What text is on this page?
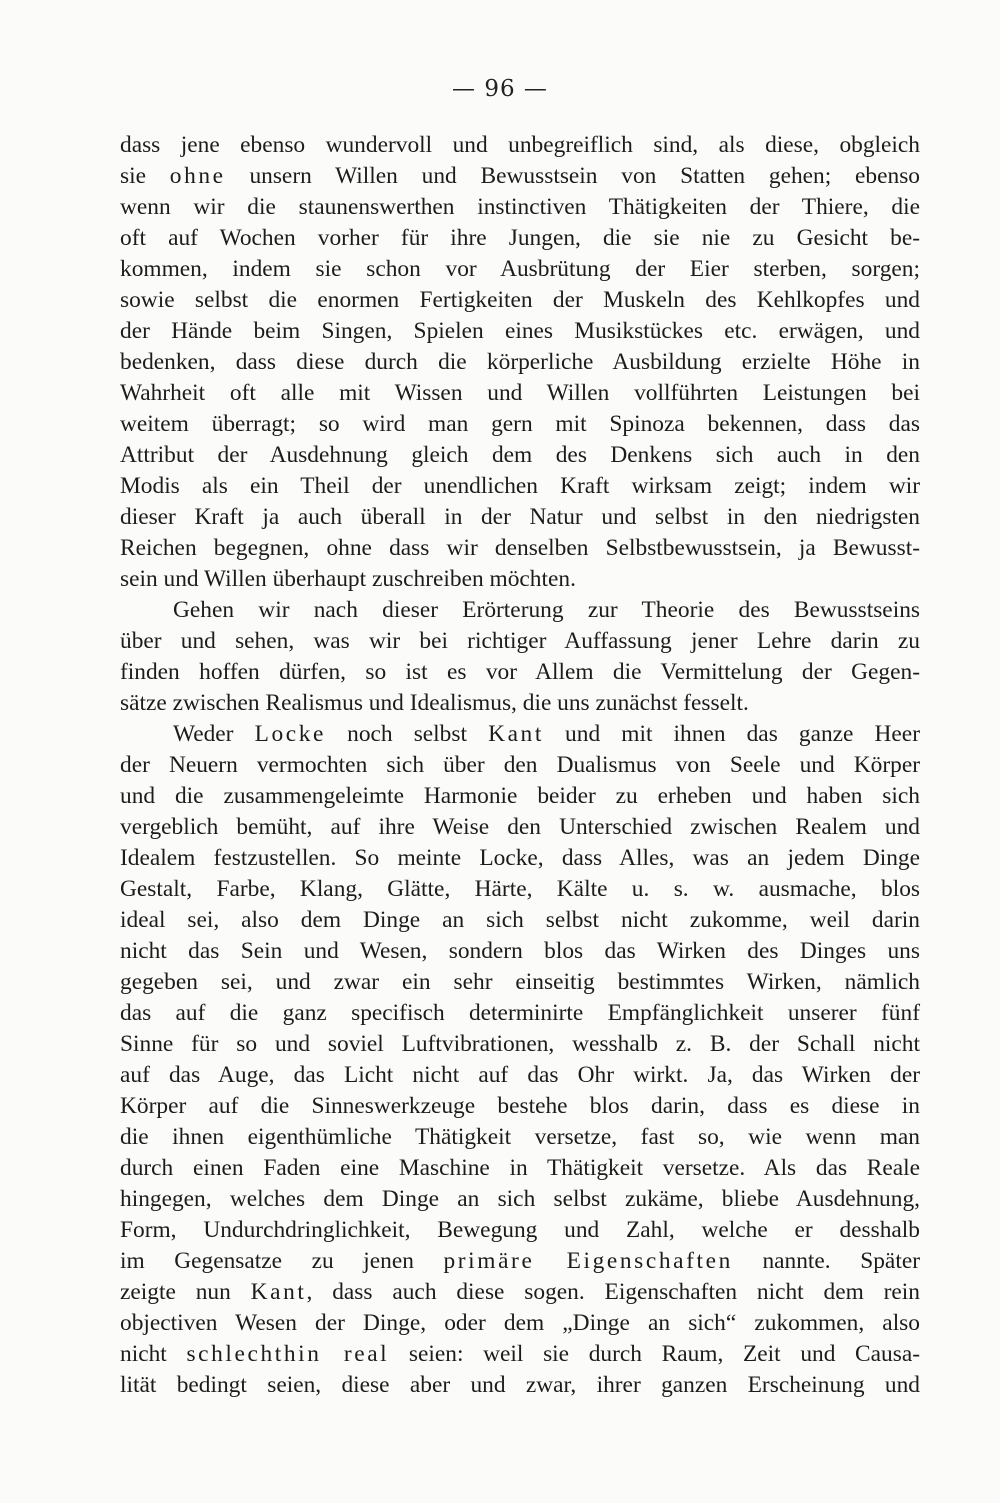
— 96 —
dass jene ebenso wundervoll und unbegreiflich sind, als diese, obgleich
sie ohne unsern Willen und Bewusstsein von Statten gehen; ebenso
wenn wir die staunenswerthen instinctiven Thätigkeiten der Thiere, die
oft auf Wochen vorher für ihre Jungen, die sie nie zu Gesicht be-
kommen, indem sie schon vor Ausbrütung der Eier sterben, sorgen;
sowie selbst die enormen Fertigkeiten der Muskeln des Kehlkopfes und
der Hände beim Singen, Spielen eines Musikstückes etc. erwägen, und
bedenken, dass diese durch die körperliche Ausbildung erzielte Höhe in
Wahrheit oft alle mit Wissen und Willen vollführten Leistungen bei
weitem überragt; so wird man gern mit Spinoza bekennen, dass das
Attribut der Ausdehnung gleich dem des Denkens sich auch in den
Modis als ein Theil der unendlichen Kraft wirksam zeigt; indem wir
dieser Kraft ja auch überall in der Natur und selbst in den niedrigsten
Reichen begegnen, ohne dass wir denselben Selbstbewusstsein, ja Bewusst-
sein und Willen überhaupt zuschreiben möchten.
Gehen wir nach dieser Erörterung zur Theorie des Bewusstseins
über und sehen, was wir bei richtiger Auffassung jener Lehre darin zu
finden hoffen dürfen, so ist es vor Allem die Vermittelung der Gegen-
sätze zwischen Realismus und Idealismus, die uns zunächst fesselt.
Weder Locke noch selbst Kant und mit ihnen das ganze Heer
der Neuern vermochten sich über den Dualismus von Seele und Körper
und die zusammengeleimte Harmonie beider zu erheben und haben sich
vergeblich bemüht, auf ihre Weise den Unterschied zwischen Realem und
Idealem festzustellen. So meinte Locke, dass Alles, was an jedem Dinge
Gestalt, Farbe, Klang, Glätte, Härte, Kälte u. s. w. ausmache, blos
ideal sei, also dem Dinge an sich selbst nicht zukomme, weil darin
nicht das Sein und Wesen, sondern blos das Wirken des Dinges uns
gegeben sei, und zwar ein sehr einseitig bestimmtes Wirken, nämlich
das auf die ganz specifisch determinirte Empfänglichkeit unserer fünf
Sinne für so und soviel Luftvibrationen, wesshalb z. B. der Schall nicht
auf das Auge, das Licht nicht auf das Ohr wirkt. Ja, das Wirken der
Körper auf die Sinneswerkzeuge bestehe blos darin, dass es diese in
die ihnen eigenthümliche Thätigkeit versetze, fast so, wie wenn man
durch einen Faden eine Maschine in Thätigkeit versetze. Als das Reale
hingegen, welches dem Dinge an sich selbst zukäme, bliebe Ausdehnung,
Form, Undurchdringlichkeit, Bewegung und Zahl, welche er desshalb
im Gegensatze zu jenen primäre Eigenschaften nannte. Später
zeigte nun Kant, dass auch diese sogen. Eigenschaften nicht dem rein
objectiven Wesen der Dinge, oder dem „Dinge an sich“ zukommen, also
nicht schlechthin real seien: weil sie durch Raum, Zeit und Causa-
lität bedingt seien, diese aber und zwar, ihrer ganzen Erscheinung und
